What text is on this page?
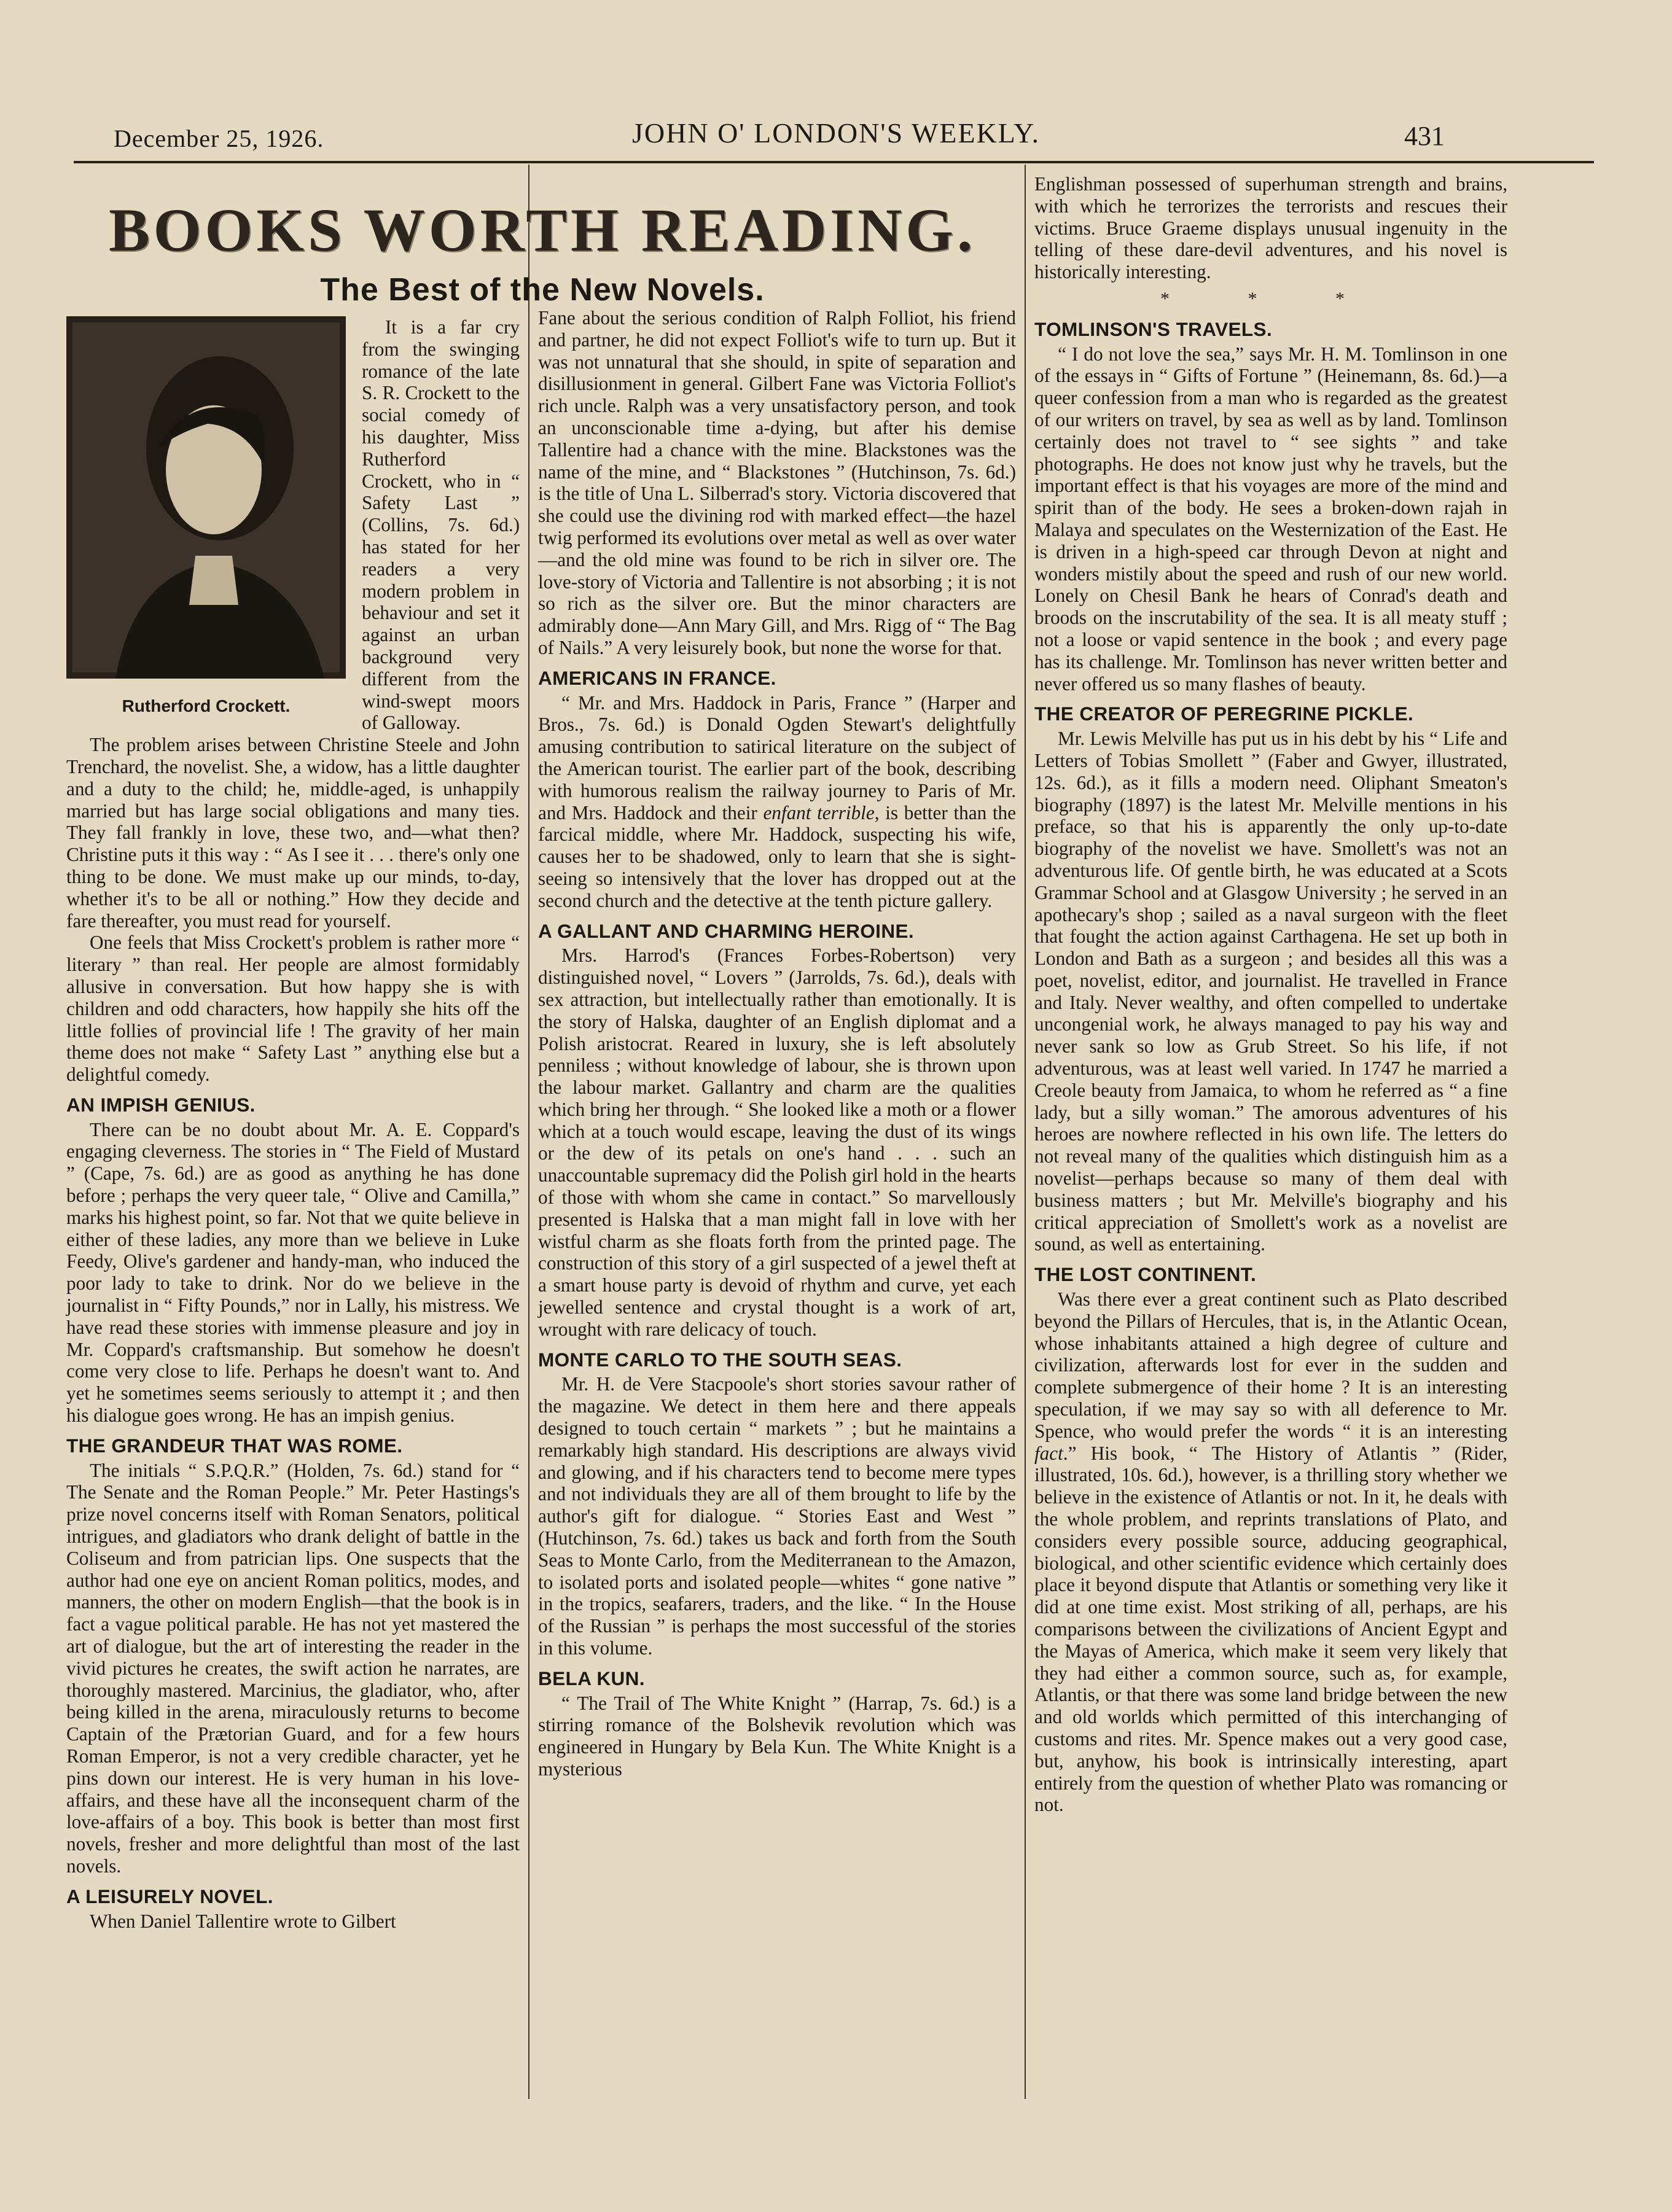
December 25, 1926.	JOHN O' LONDON'S WEEKLY.	431
BOOKS WORTH READING.
The Best of the New Novels.
Rutherford Crockett.

It is a far cry from the swinging romance of the late S. R. Crockett to the social comedy of his daughter, Miss Rutherford Crockett, who in “ Safety Last ” (Collins, 7s. 6d.) has stated for her readers a very modern problem in behaviour and set it against an urban background very different from the wind-swept moors of Galloway.

The problem arises between Christine Steele and John Trenchard, the novelist. She, a widow, has a little daughter and a duty to the child; he, middle-aged, is unhappily married but has large social obligations and many ties. They fall frankly in love, these two, and—what then? Christine puts it this way : “ As I see it . . . there's only one thing to be done. We must make up our minds, to-day, whether it's to be all or nothing.” How they decide and fare thereafter, you must read for yourself.

One feels that Miss Crockett's problem is rather more “ literary ” than real. Her people are almost formidably allusive in conversation. But how happy she is with children and odd characters, how happily she hits off the little follies of provincial life ! The gravity of her main theme does not make “ Safety Last ” anything else but a delightful comedy.

AN IMPISH GENIUS.

There can be no doubt about Mr. A. E. Coppard's engaging cleverness. The stories in “ The Field of Mustard ” (Cape, 7s. 6d.) are as good as anything he has done before ; perhaps the very queer tale, “ Olive and Camilla,” marks his highest point, so far. Not that we quite believe in either of these ladies, any more than we believe in Luke Feedy, Olive's gardener and handy-man, who induced the poor lady to take to drink. Nor do we believe in the journalist in “ Fifty Pounds,” nor in Lally, his mistress. We have read these stories with immense pleasure and joy in Mr. Coppard's craftsmanship. But somehow he doesn't come very close to life. Perhaps he doesn't want to. And yet he sometimes seems seriously to attempt it ; and then his dialogue goes wrong. He has an impish genius.

THE GRANDEUR THAT WAS ROME.

The initials “ S.P.Q.R.” (Holden, 7s. 6d.) stand for “ The Senate and the Roman People.” Mr. Peter Hastings's prize novel concerns itself with Roman Senators, political intrigues, and gladiators who drank delight of battle in the Coliseum and from patrician lips. One suspects that the author had one eye on ancient Roman politics, modes, and manners, the other on modern English—that the book is in fact a vague political parable. He has not yet mastered the art of dialogue, but the art of interesting the reader in the vivid pictures he creates, the swift action he narrates, are thoroughly mastered. Marcinius, the gladiator, who, after being killed in the arena, miraculously returns to become Captain of the Prætorian Guard, and for a few hours Roman Emperor, is not a very credible character, yet he pins down our interest. He is very human in his love-affairs, and these have all the inconsequent charm of the love-affairs of a boy. This book is better than most first novels, fresher and more delightful than most of the last novels.

A LEISURELY NOVEL.

When Daniel Tallentire wrote to Gilbert

Fane about the serious condition of Ralph Folliot, his friend and partner, he did not expect Folliot's wife to turn up. But it was not unnatural that she should, in spite of separation and disillusionment in general. Gilbert Fane was Victoria Folliot's rich uncle. Ralph was a very unsatisfactory person, and took an unconscionable time a-dying, but after his demise Tallentire had a chance with the mine. Blackstones was the name of the mine, and “ Blackstones ” (Hutchinson, 7s. 6d.) is the title of Una L. Silberrad's story. Victoria discovered that she could use the divining rod with marked effect—the hazel twig performed its evolutions over metal as well as over water—and the old mine was found to be rich in silver ore. The love-story of Victoria and Tallentire is not absorbing ; it is not so rich as the silver ore. But the minor characters are admirably done—Ann Mary Gill, and Mrs. Rigg of “ The Bag of Nails.” A very leisurely book, but none the worse for that.

AMERICANS IN FRANCE.

“ Mr. and Mrs. Haddock in Paris, France ” (Harper and Bros., 7s. 6d.) is Donald Ogden Stewart's delightfully amusing contribution to satirical literature on the subject of the American tourist. The earlier part of the book, describing with humorous realism the railway journey to Paris of Mr. and Mrs. Haddock and their enfant terrible, is better than the farcical middle, where Mr. Haddock, suspecting his wife, causes her to be shadowed, only to learn that she is sight-seeing so intensively that the lover has dropped out at the second church and the detective at the tenth picture gallery.

A GALLANT AND CHARMING HEROINE.

Mrs. Harrod's (Frances Forbes-Robertson) very distinguished novel, “ Lovers ” (Jarrolds, 7s. 6d.), deals with sex attraction, but intellectually rather than emotionally. It is the story of Halska, daughter of an English diplomat and a Polish aristocrat. Reared in luxury, she is left absolutely penniless ; without knowledge of labour, she is thrown upon the labour market. Gallantry and charm are the qualities which bring her through. “ She looked like a moth or a flower which at a touch would escape, leaving the dust of its wings or the dew of its petals on one's hand . . . such an unaccountable supremacy did the Polish girl hold in the hearts of those with whom she came in contact.” So marvellously presented is Halska that a man might fall in love with her wistful charm as she floats forth from the printed page. The construction of this story of a girl suspected of a jewel theft at a smart house party is devoid of rhythm and curve, yet each jewelled sentence and crystal thought is a work of art, wrought with rare delicacy of touch.

MONTE CARLO TO THE SOUTH SEAS.

Mr. H. de Vere Stacpoole's short stories savour rather of the magazine. We detect in them here and there appeals designed to touch certain “ markets ” ; but he maintains a remarkably high standard. His descriptions are always vivid and glowing, and if his characters tend to become mere types and not individuals they are all of them brought to life by the author's gift for dialogue. “ Stories East and West ” (Hutchinson, 7s. 6d.) takes us back and forth from the South Seas to Monte Carlo, from the Mediterranean to the Amazon, to isolated ports and isolated people—whites “ gone native ” in the tropics, seafarers, traders, and the like. “ In the House of the Russian ” is perhaps the most successful of the stories in this volume.

BELA KUN.

“ The Trail of The White Knight ” (Harrap, 7s. 6d.) is a stirring romance of the Bolshevik revolution which was engineered in Hungary by Bela Kun. The White Knight is a mysterious

Englishman possessed of superhuman strength and brains, with which he terrorizes the terrorists and rescues their victims. Bruce Graeme displays unusual ingenuity in the telling of these dare-devil adventures, and his novel is historically interesting.

* * *
TOMLINSON'S TRAVELS.

“ I do not love the sea,” says Mr. H. M. Tomlinson in one of the essays in “ Gifts of Fortune ” (Heinemann, 8s. 6d.)—a queer confession from a man who is regarded as the greatest of our writers on travel, by sea as well as by land. Tomlinson certainly does not travel to “ see sights ” and take photographs. He does not know just why he travels, but the important effect is that his voyages are more of the mind and spirit than of the body. He sees a broken-down rajah in Malaya and speculates on the Westernization of the East. He is driven in a high-speed car through Devon at night and wonders mistily about the speed and rush of our new world. Lonely on Chesil Bank he hears of Conrad's death and broods on the inscrutability of the sea. It is all meaty stuff ; not a loose or vapid sentence in the book ; and every page has its challenge. Mr. Tomlinson has never written better and never offered us so many flashes of beauty.

THE CREATOR OF PEREGRINE PICKLE.

Mr. Lewis Melville has put us in his debt by his “ Life and Letters of Tobias Smollett ” (Faber and Gwyer, illustrated, 12s. 6d.), as it fills a modern need. Oliphant Smeaton's biography (1897) is the latest Mr. Melville mentions in his preface, so that his is apparently the only up-to-date biography of the novelist we have. Smollett's was not an adventurous life. Of gentle birth, he was educated at a Scots Grammar School and at Glasgow University ; he served in an apothecary's shop ; sailed as a naval surgeon with the fleet that fought the action against Carthagena. He set up both in London and Bath as a surgeon ; and besides all this was a poet, novelist, editor, and journalist. He travelled in France and Italy. Never wealthy, and often compelled to undertake uncongenial work, he always managed to pay his way and never sank so low as Grub Street. So his life, if not adventurous, was at least well varied. In 1747 he married a Creole beauty from Jamaica, to whom he referred as “ a fine lady, but a silly woman.” The amorous adventures of his heroes are nowhere reflected in his own life. The letters do not reveal many of the qualities which distinguish him as a novelist—perhaps because so many of them deal with business matters ; but Mr. Melville's biography and his critical appreciation of Smollett's work as a novelist are sound, as well as entertaining.

THE LOST CONTINENT.

Was there ever a great continent such as Plato described beyond the Pillars of Hercules, that is, in the Atlantic Ocean, whose inhabitants attained a high degree of culture and civilization, afterwards lost for ever in the sudden and complete submergence of their home ? It is an interesting speculation, if we may say so with all deference to Mr. Spence, who would prefer the words “ it is an interesting fact.” His book, “ The History of Atlantis ” (Rider, illustrated, 10s. 6d.), however, is a thrilling story whether we believe in the existence of Atlantis or not. In it, he deals with the whole problem, and reprints translations of Plato, and considers every possible source, adducing geographical, biological, and other scientific evidence which certainly does place it beyond dispute that Atlantis or something very like it did at one time exist. Most striking of all, perhaps, are his comparisons between the civilizations of Ancient Egypt and the Mayas of America, which make it seem very likely that they had either a common source, such as, for example, Atlantis, or that there was some land bridge between the new and old worlds which permitted of this interchanging of customs and rites. Mr. Spence makes out a very good case, but, anyhow, his book is intrinsically interesting, apart entirely from the question of whether Plato was romancing or not.
